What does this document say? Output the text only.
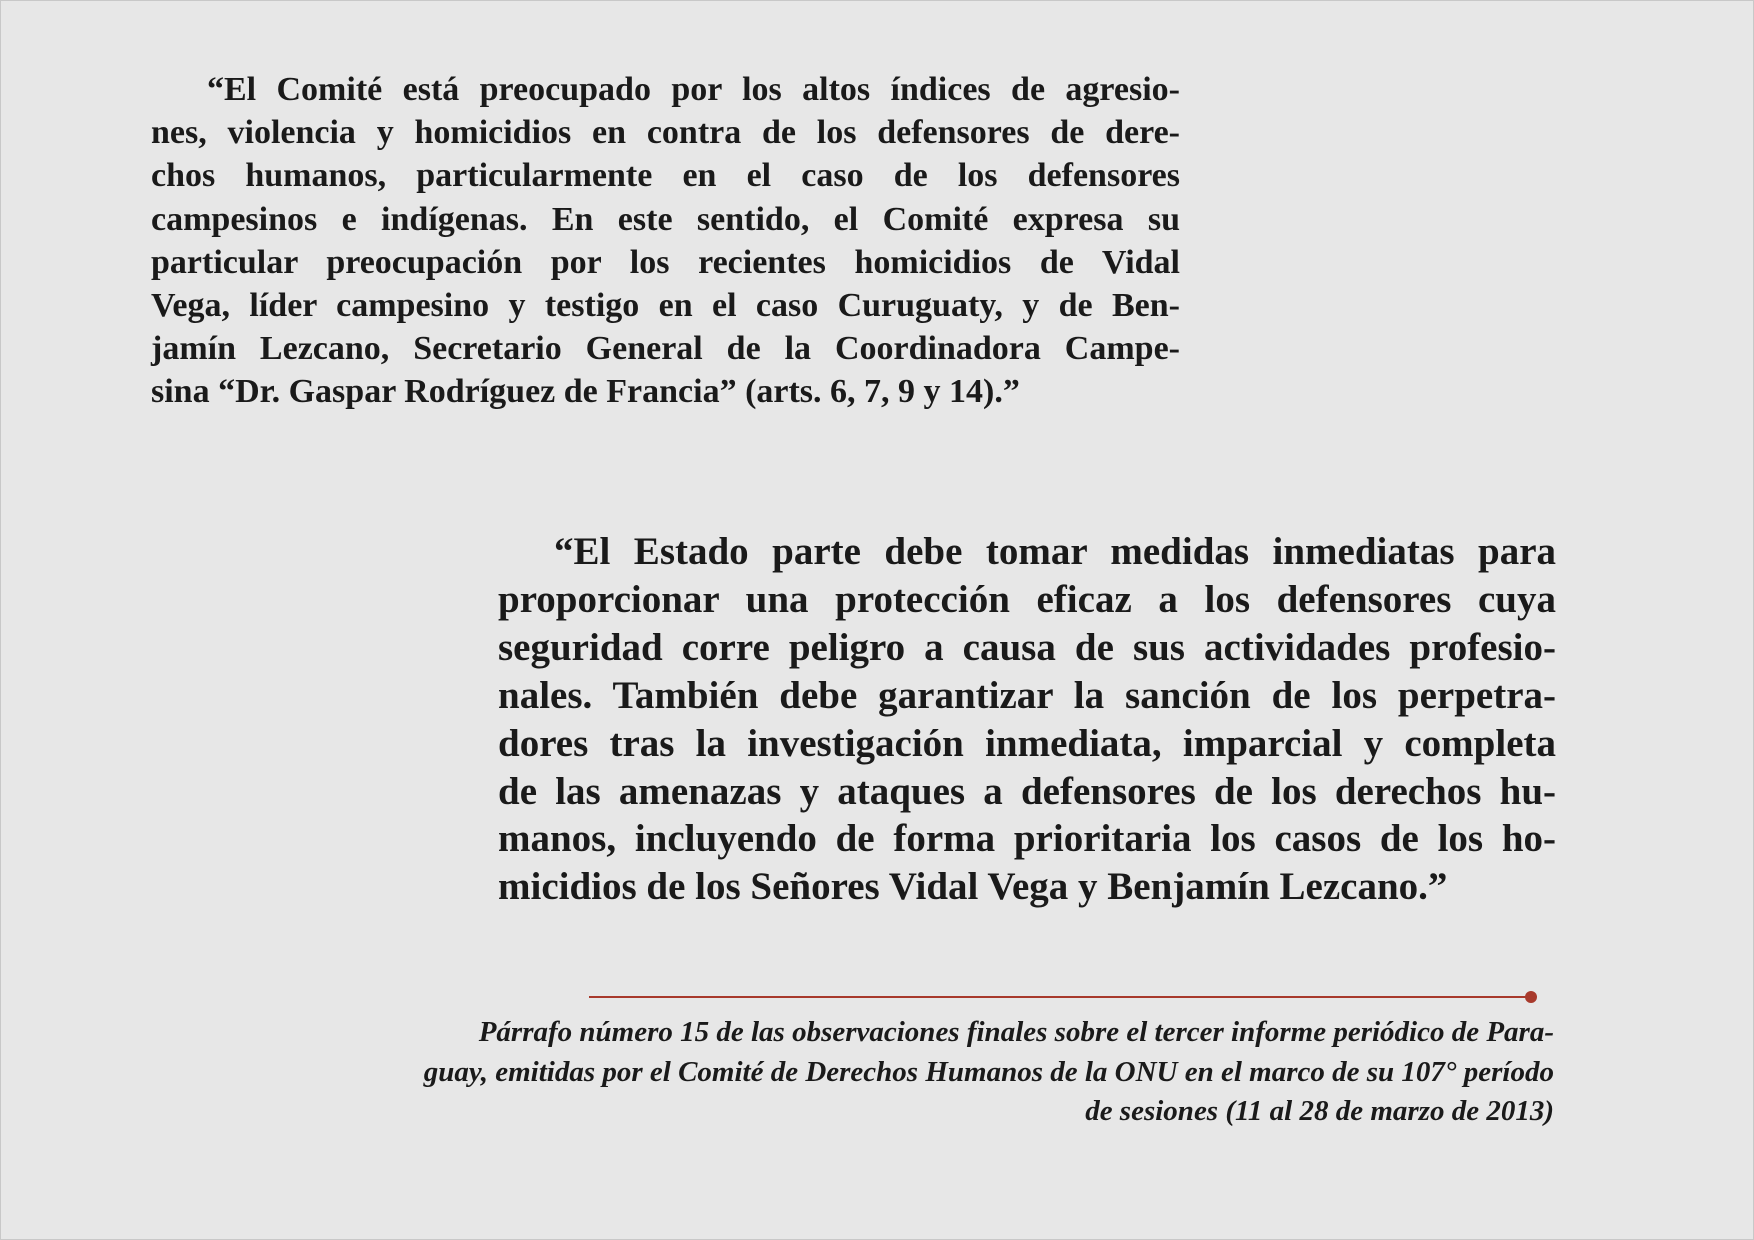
“El Comité está preocupado por los altos índices de agresio-
nes, violencia y homicidios en contra de los defensores de dere-
chos humanos, particularmente en el caso de los defensores
campesinos e indígenas. En este sentido, el Comité expresa su
particular preocupación por los recientes homicidios de Vidal
Vega, líder campesino y testigo en el caso Curuguaty, y de Ben-
jamín Lezcano, Secretario General de la Coordinadora Campe-
sina “Dr. Gaspar Rodríguez de Francia” (arts. 6, 7, 9 y 14).”
“El Estado parte debe tomar medidas inmediatas para
proporcionar una protección eficaz a los defensores cuya
seguridad corre peligro a causa de sus actividades profesio-
nales. También debe garantizar la sanción de los perpetra-
dores tras la investigación inmediata, imparcial y completa
de las amenazas y ataques a defensores de los derechos hu-
manos, incluyendo de forma prioritaria los casos de los ho-
micidios de los Señores Vidal Vega y Benjamín Lezcano.”
Párrafo número 15 de las observaciones finales sobre el tercer informe periódico de Para-
guay, emitidas por el Comité de Derechos Humanos de la ONU en el marco de su 107° período
de sesiones (11 al 28 de marzo de 2013)
